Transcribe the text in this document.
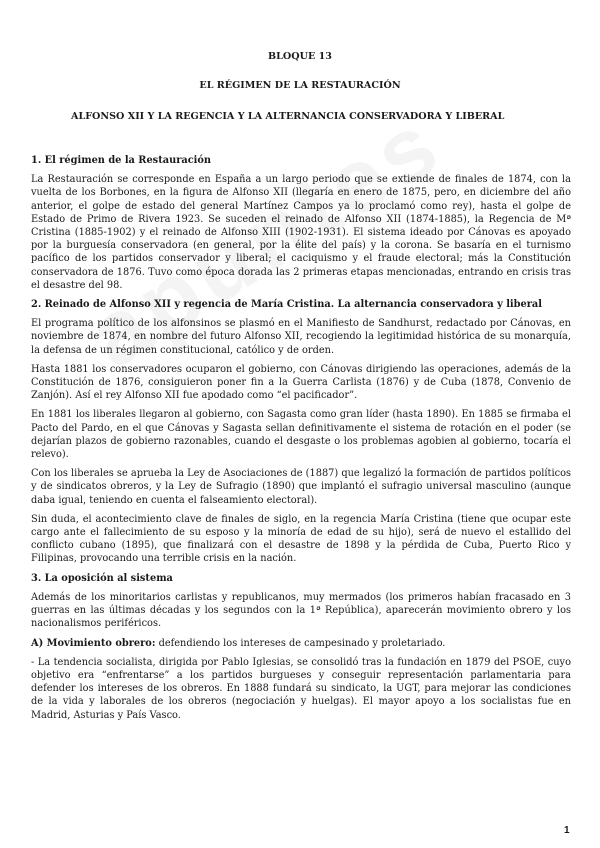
BLOQUE 13
EL RÉGIMEN DE LA RESTAURACIÓN
ALFONSO XII Y LA REGENCIA Y LA ALTERNANCIA CONSERVADORA Y LIBERAL
1. El régimen de la Restauración

La Restauración se corresponde en España a un largo periodo que se extiende de finales de 1874, con la vuelta de los Borbones, en la figura de Alfonso XII (llegaría en enero de 1875, pero, en diciembre del año anterior, el golpe de estado del general Martínez Campos ya lo proclamó como rey), hasta el golpe de Estado de Primo de Rivera 1923. Se suceden el reinado de Alfonso XII (1874-1885), la Regencia de Mª Cristina (1885-1902) y el reinado de Alfonso XIII (1902-1931). El sistema ideado por Cánovas es apoyado por la burguesía conservadora (en general, por la élite del país) y la corona. Se basaría en el turnismo pacífico de los partidos conservador y liberal; el caciquismo y el fraude electoral; más la Constitución conservadora de 1876. Tuvo como época dorada las 2 primeras etapas mencionadas, entrando en crisis tras el desastre del 98.

2. Reinado de Alfonso XII y regencia de María Cristina. La alternancia conservadora y liberal

El programa político de los alfonsinos se plasmó en el Manifiesto de Sandhurst, redactado por Cánovas, en noviembre de 1874, en nombre del futuro Alfonso XII, recogiendo la legitimidad histórica de su monarquía, la defensa de un régimen constitucional, católico y de orden.

Hasta 1881 los conservadores ocuparon el gobierno, con Cánovas dirigiendo las operaciones, además de la Constitución de 1876, consiguieron poner fin a la Guerra Carlista (1876) y de Cuba (1878, Convenio de Zanjón). Así el rey Alfonso XII fue apodado como “el pacificador”.

En 1881 los liberales llegaron al gobierno, con Sagasta como gran líder (hasta 1890). En 1885 se firmaba el Pacto del Pardo, en el que Cánovas y Sagasta sellan definitivamente el sistema de rotación en el poder (se dejarían plazos de gobierno razonables, cuando el desgaste o los problemas agobien al gobierno, tocaría el relevo).

Con los liberales se aprueba la Ley de Asociaciones de (1887) que legalizó la formación de partidos políticos y de sindicatos obreros, y la Ley de Sufragio (1890) que implantó el sufragio universal masculino (aunque daba igual, teniendo en cuenta el falseamiento electoral).

Sin duda, el acontecimiento clave de finales de siglo, en la regencia María Cristina (tiene que ocupar este cargo ante el fallecimiento de su esposo y la minoría de edad de su hijo), será de nuevo el estallido del conflicto cubano (1895), que finalizará con el desastre de 1898 y la pérdida de Cuba, Puerto Rico y Filipinas, provocando una terrible crisis en la nación.

3. La oposición al sistema

Además de los minoritarios carlistas y republicanos, muy mermados (los primeros habían fracasado en 3 guerras en las últimas décadas y los segundos con la 1ª República), aparecerán movimiento obrero y los nacionalismos periféricos.

A) Movimiento obrero: defendiendo los intereses de campesinado y proletariado.

- La tendencia socialista, dirigida por Pablo Iglesias, se consolidó tras la fundación en 1879 del PSOE, cuyo objetivo era “enfrentarse” a los partidos burgueses y conseguir representación parlamentaria para defender los intereses de los obreros. En 1888 fundará su sindicato, la UGT, para mejorar las condiciones de la vida y laborales de los obreros (negociación y huelgas). El mayor apoyo a los socialistas fue en Madrid, Asturias y País Vasco.

1
